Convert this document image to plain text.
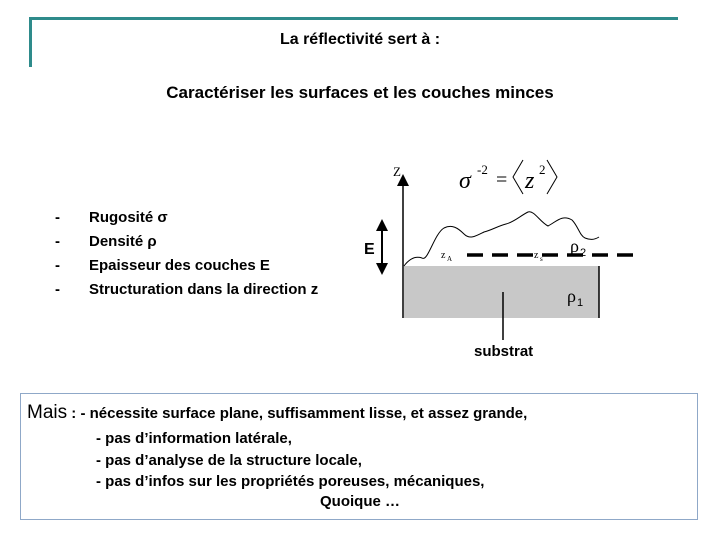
La réflectivité sert à :
Caractériser les surfaces et les couches minces
-	Rugosité σ
-	Densité ρ
-	Epaisseur des couches E
-	Structuration dans la direction z
E
Z σ -2 = z 2
z A	z s
ρ 2
ρ 1
substrat
Mais : - nécessite surface plane, suffisamment lisse, et assez grande,
- pas d’information latérale,
- pas d’analyse de la structure locale,
- pas d’infos sur les propriétés poreuses, mécaniques,
Quoique …
